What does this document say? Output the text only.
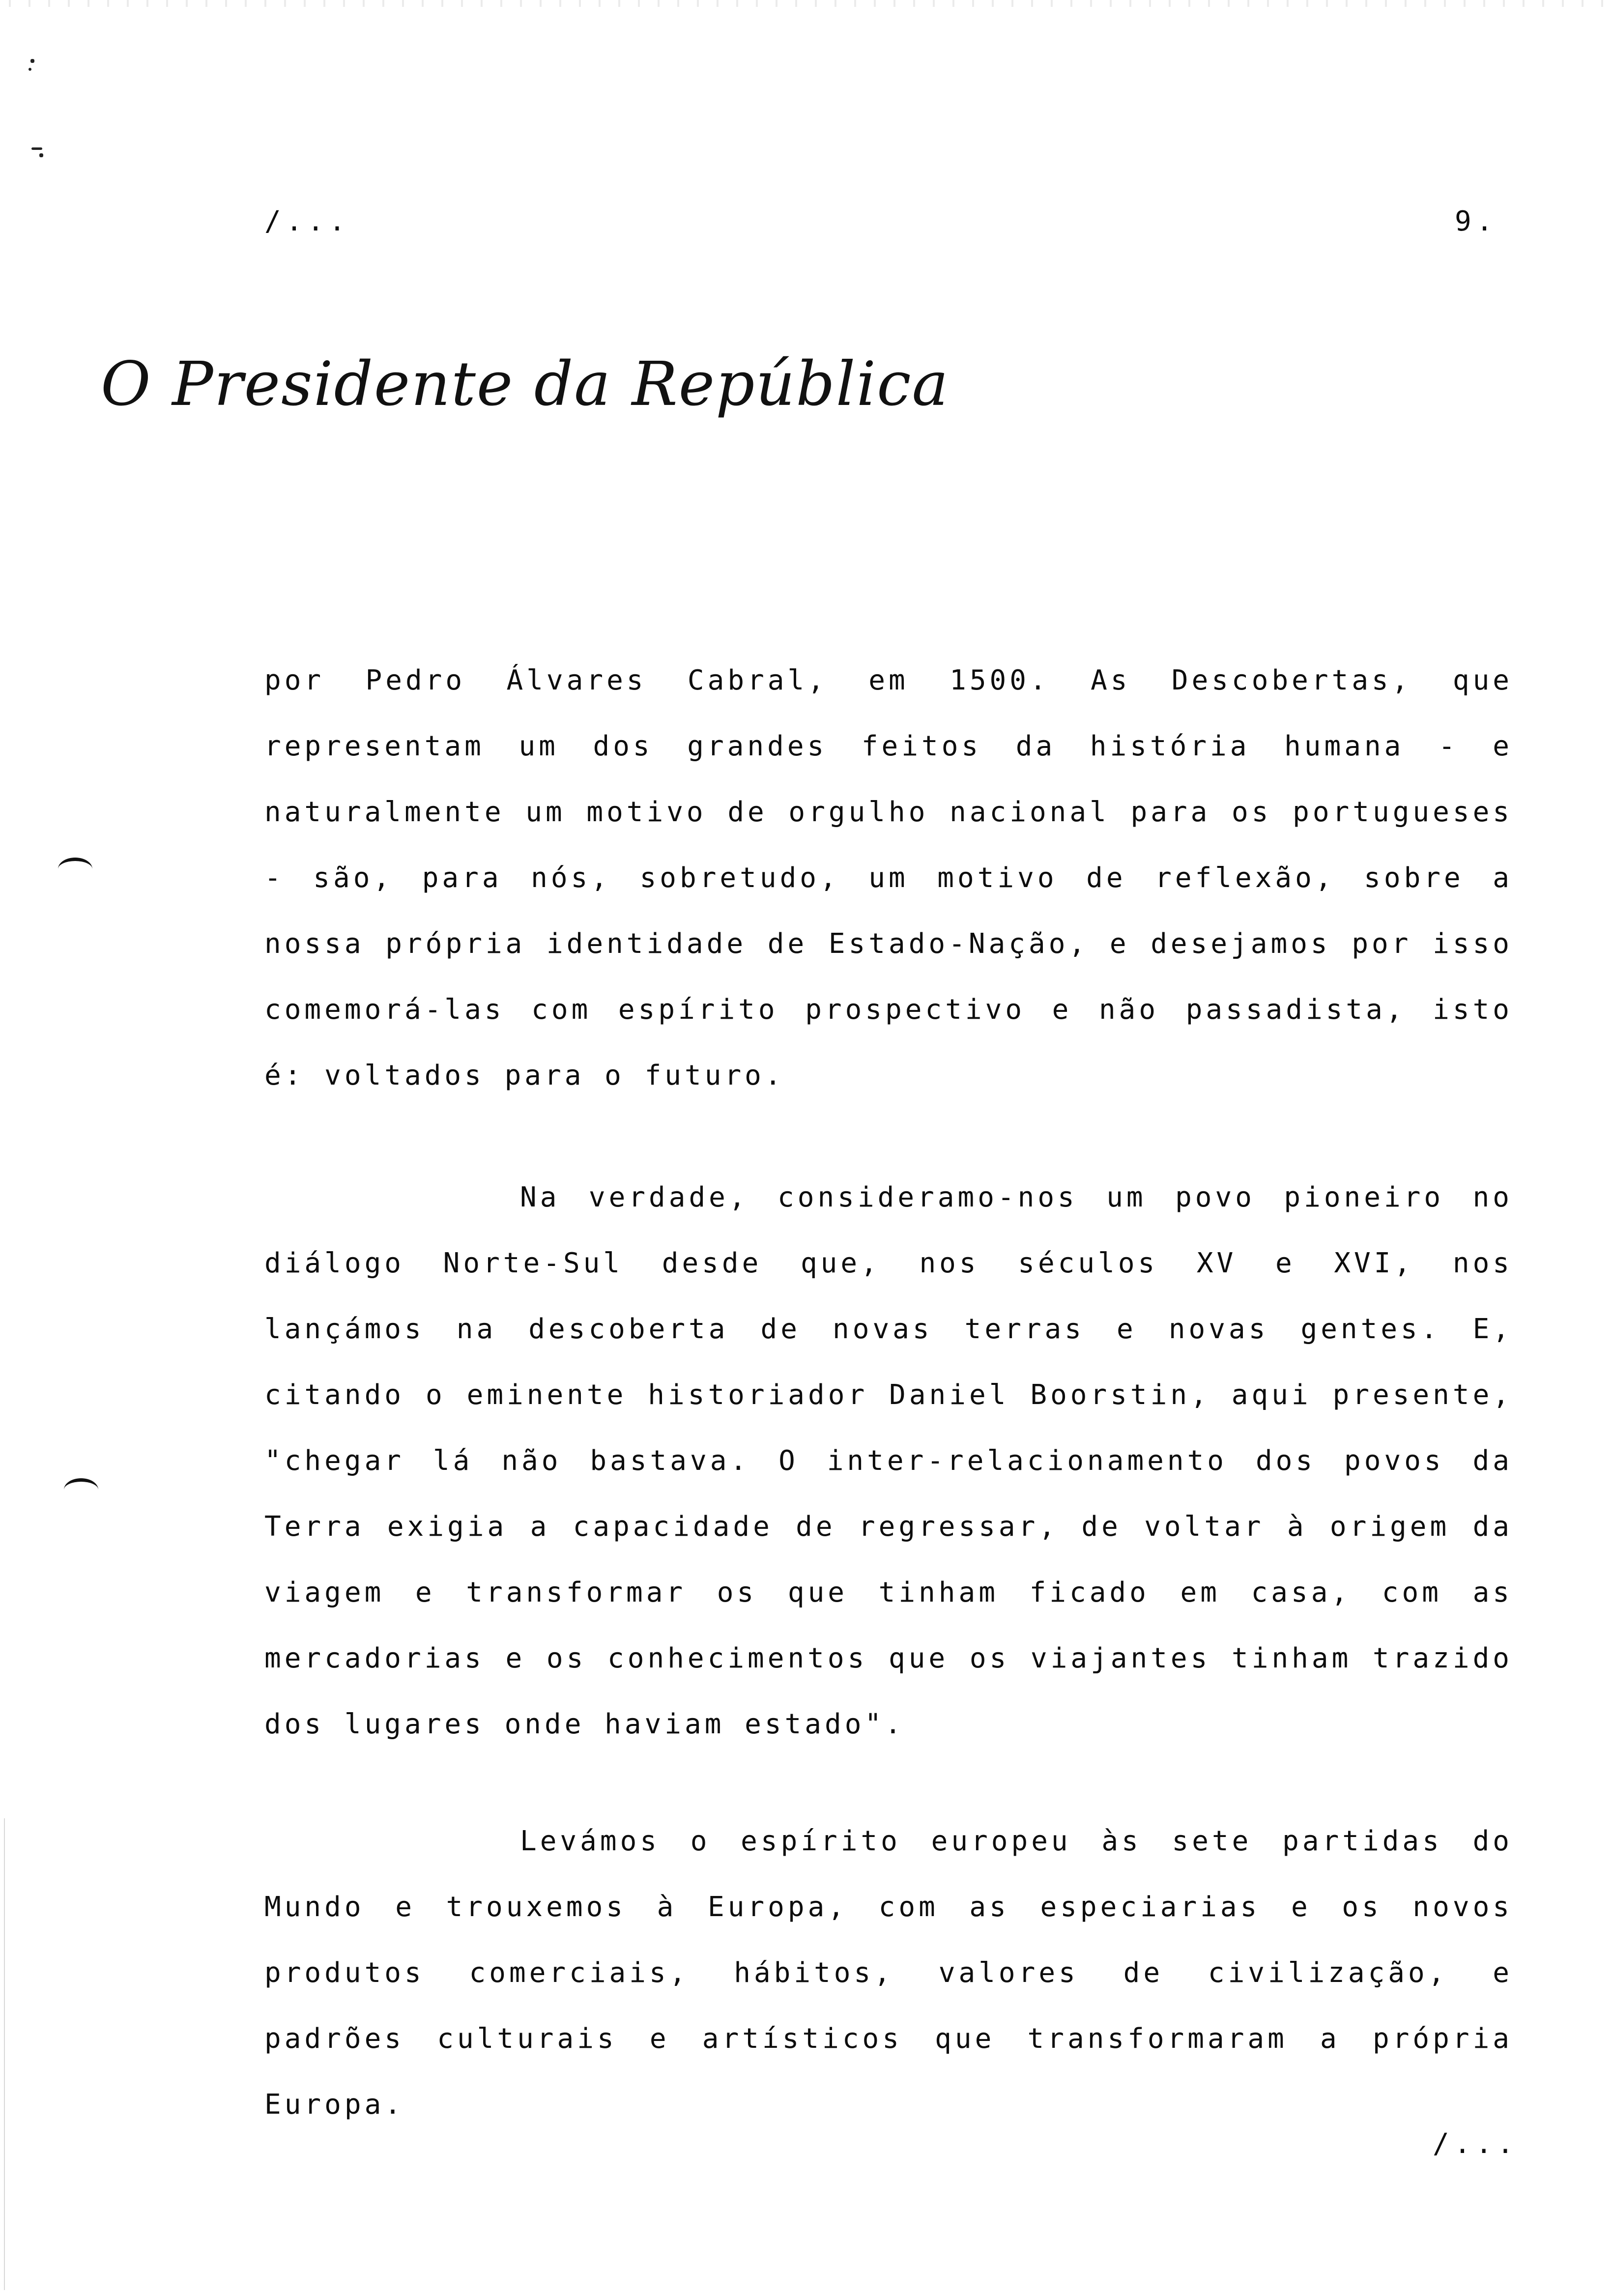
/...	9.
O Presidente da República

por Pedro Álvares Cabral, em 1500. As Descobertas, que representam um dos grandes feitos da história humana - e naturalmente um motivo de orgulho nacional para os portugueses - são, para nós, sobretudo, um motivo de reflexão, sobre a nossa própria identidade de Estado-Nação, e desejamos por isso comemorá-las com espírito prospectivo e não passadista, isto é: voltados para o futuro.

Na verdade, consideramo-nos um povo pioneiro no diálogo Norte-Sul desde que, nos séculos XV e XVI, nos lançámos na descoberta de novas terras e novas gentes. E, citando o eminente historiador Daniel Boorstin, aqui presente, "chegar lá não bastava. O inter-relacionamento dos povos da Terra exigia a capacidade de regressar, de voltar à origem da viagem e transformar os que tinham ficado em casa, com as mercadorias e os conhecimentos que os viajantes tinham trazido dos lugares onde haviam estado".

Levámos o espírito europeu às sete partidas do Mundo e trouxemos à Europa, com as especiarias e os novos produtos comerciais, hábitos, valores de civilização, e padrões culturais e artísticos que transformaram a própria Europa.

/...
